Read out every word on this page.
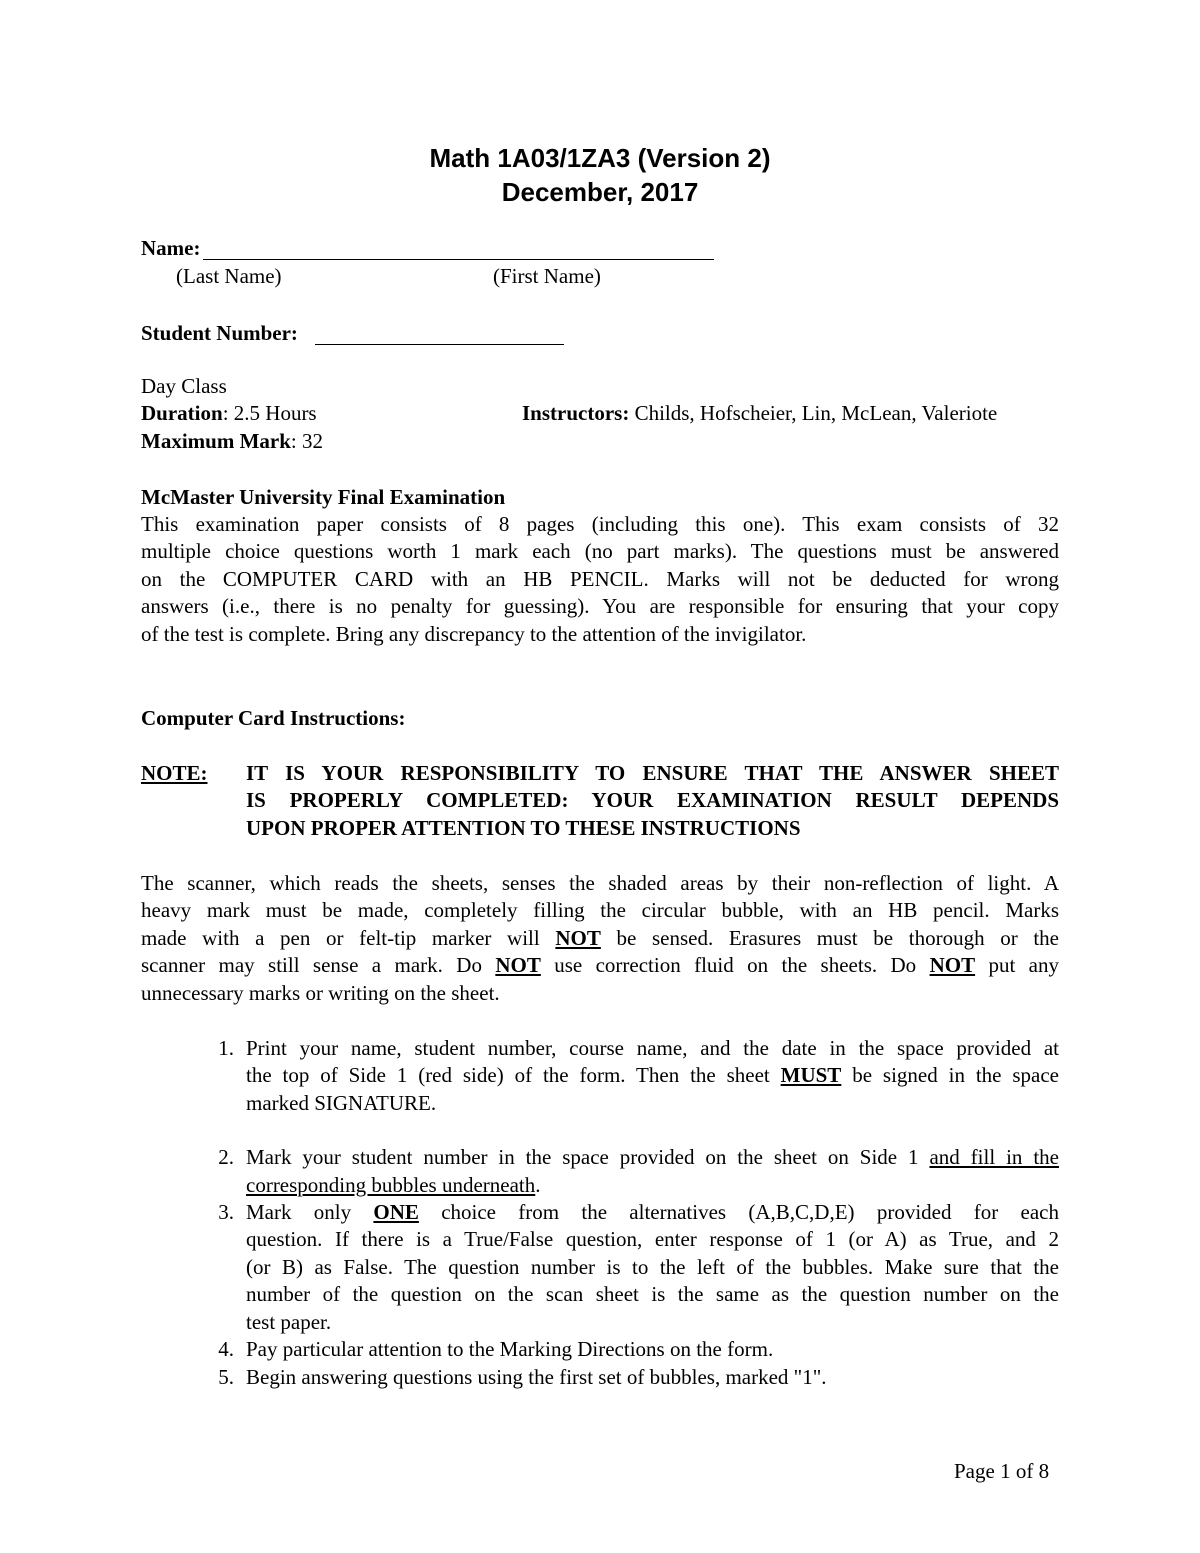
Math 1A03/1ZA3 (Version 2)
December, 2017
Name:
(Last Name)	(First Name)
Student Number:
Day Class
Duration: 2.5 Hours	Instructors: Childs, Hofscheier, Lin, McLean, Valeriote
Maximum Mark: 32
McMaster University Final Examination
This examination paper consists of 8 pages (including this one). This exam consists of 32
multiple choice questions worth 1 mark each (no part marks). The questions must be answered
on the COMPUTER CARD with an HB PENCIL. Marks will not be deducted for wrong
answers (i.e., there is no penalty for guessing). You are responsible for ensuring that your copy
of the test is complete. Bring any discrepancy to the attention of the invigilator.
Computer Card Instructions:
NOTE: IT IS YOUR RESPONSIBILITY TO ENSURE THAT THE ANSWER SHEET
IS PROPERLY COMPLETED: YOUR EXAMINATION RESULT DEPENDS
UPON PROPER ATTENTION TO THESE INSTRUCTIONS
The scanner, which reads the sheets, senses the shaded areas by their non-reflection of light. A
heavy mark must be made, completely filling the circular bubble, with an HB pencil. Marks
made with a pen or felt-tip marker will NOT be sensed. Erasures must be thorough or the
scanner may still sense a mark. Do NOT use correction fluid on the sheets. Do NOT put any
unnecessary marks or writing on the sheet.
1. Print your name, student number, course name, and the date in the space provided at
the top of Side 1 (red side) of the form. Then the sheet MUST be signed in the space
marked SIGNATURE.
2. Mark your student number in the space provided on the sheet on Side 1 and fill in the
corresponding bubbles underneath.
3. Mark only ONE choice from the alternatives (A,B,C,D,E) provided for each
question. If there is a True/False question, enter response of 1 (or A) as True, and 2
(or B) as False. The question number is to the left of the bubbles. Make sure that the
number of the question on the scan sheet is the same as the question number on the
test paper.
4. Pay particular attention to the Marking Directions on the form.
5. Begin answering questions using the first set of bubbles, marked "1".
Page 1 of 8
